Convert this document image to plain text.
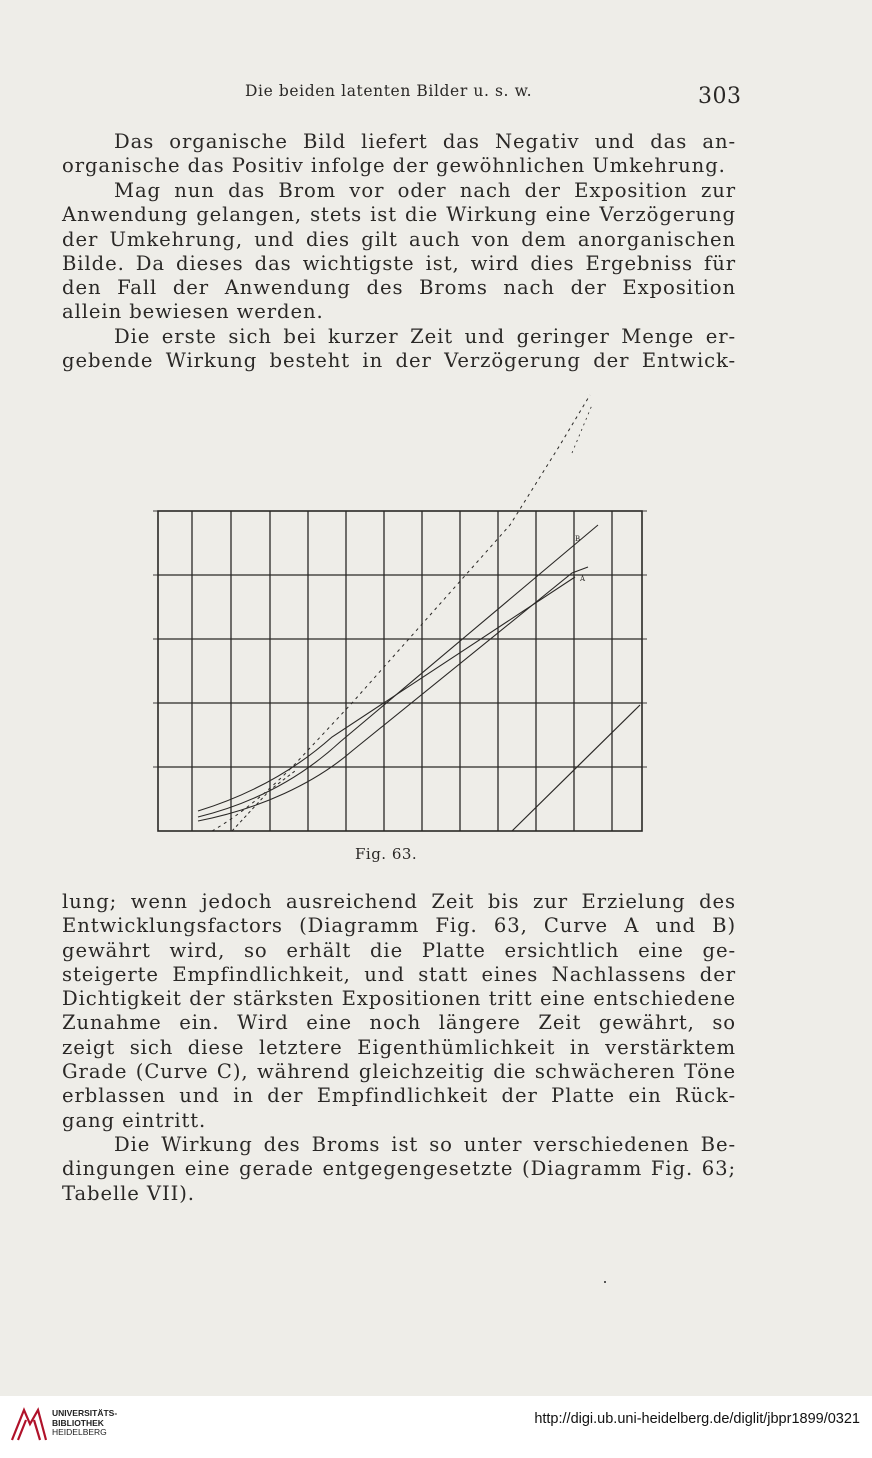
Die beiden latenten Bilder u. s. w.	303
Das organische Bild liefert das Negativ und das an-
organische das Positiv infolge der gewöhnlichen Umkehrung.
Mag nun das Brom vor oder nach der Exposition zur
Anwendung gelangen, stets ist die Wirkung eine Verzögerung
der Umkehrung, und dies gilt auch von dem anorganischen
Bilde. Da dieses das wichtigste ist, wird dies Ergebniss für
den Fall der Anwendung des Broms nach der Exposition
allein bewiesen werden.
Die erste sich bei kurzer Zeit und geringer Menge er-
gebende Wirkung besteht in der Verzögerung der Entwick-
B
A
Fig. 63.
lung; wenn jedoch ausreichend Zeit bis zur Erzielung des
Entwicklungsfactors (Diagramm Fig. 63, Curve A und B)
gewährt wird, so erhält die Platte ersichtlich eine ge-
steigerte Empfindlichkeit, und statt eines Nachlassens der
Dichtigkeit der stärksten Expositionen tritt eine entschiedene
Zunahme ein. Wird eine noch längere Zeit gewährt, so
zeigt sich diese letztere Eigenthümlichkeit in verstärktem
Grade (Curve C), während gleichzeitig die schwächeren Töne
erblassen und in der Empfindlichkeit der Platte ein Rück-
gang eintritt.
Die Wirkung des Broms ist so unter verschiedenen Be-
dingungen eine gerade entgegengesetzte (Diagramm Fig. 63;
Tabelle VII).
UNIVERSITÄTS-
BIBLIOTHEK
HEIDELBERG
http://digi.ub.uni-heidelberg.de/diglit/jbpr1899/0321
